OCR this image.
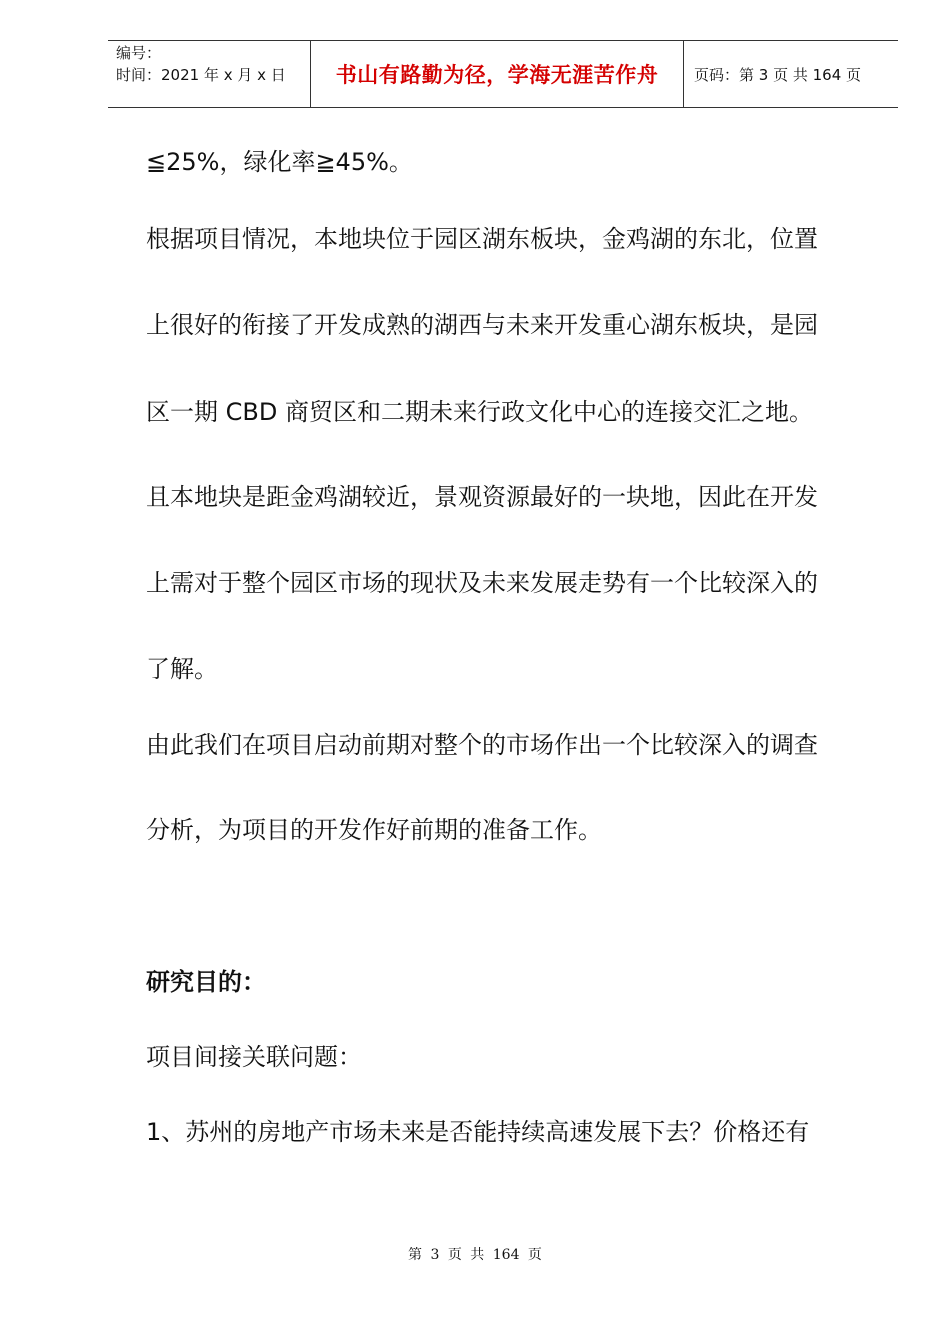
编号：
时间：2021 年 x 月 x 日	书山有路勤为径，学海无涯苦作舟	页码：第 3 页 共 164 页

≦25%，绿化率≧45%。

根据项目情况，本地块位于园区湖东板块，金鸡湖的东北，位置

上很好的衔接了开发成熟的湖西与未来开发重心湖东板块，是园

区一期 CBD 商贸区和二期未来行政文化中心的连接交汇之地。

且本地块是距金鸡湖较近，景观资源最好的一块地，因此在开发

上需对于整个园区市场的现状及未来发展走势有一个比较深入的

了解。

由此我们在项目启动前期对整个的市场作出一个比较深入的调查

分析，为项目的开发作好前期的准备工作。

研究目的：

项目间接关联问题：

1、苏州的房地产市场未来是否能持续高速发展下去？价格还有

第 3 页 共 164 页
